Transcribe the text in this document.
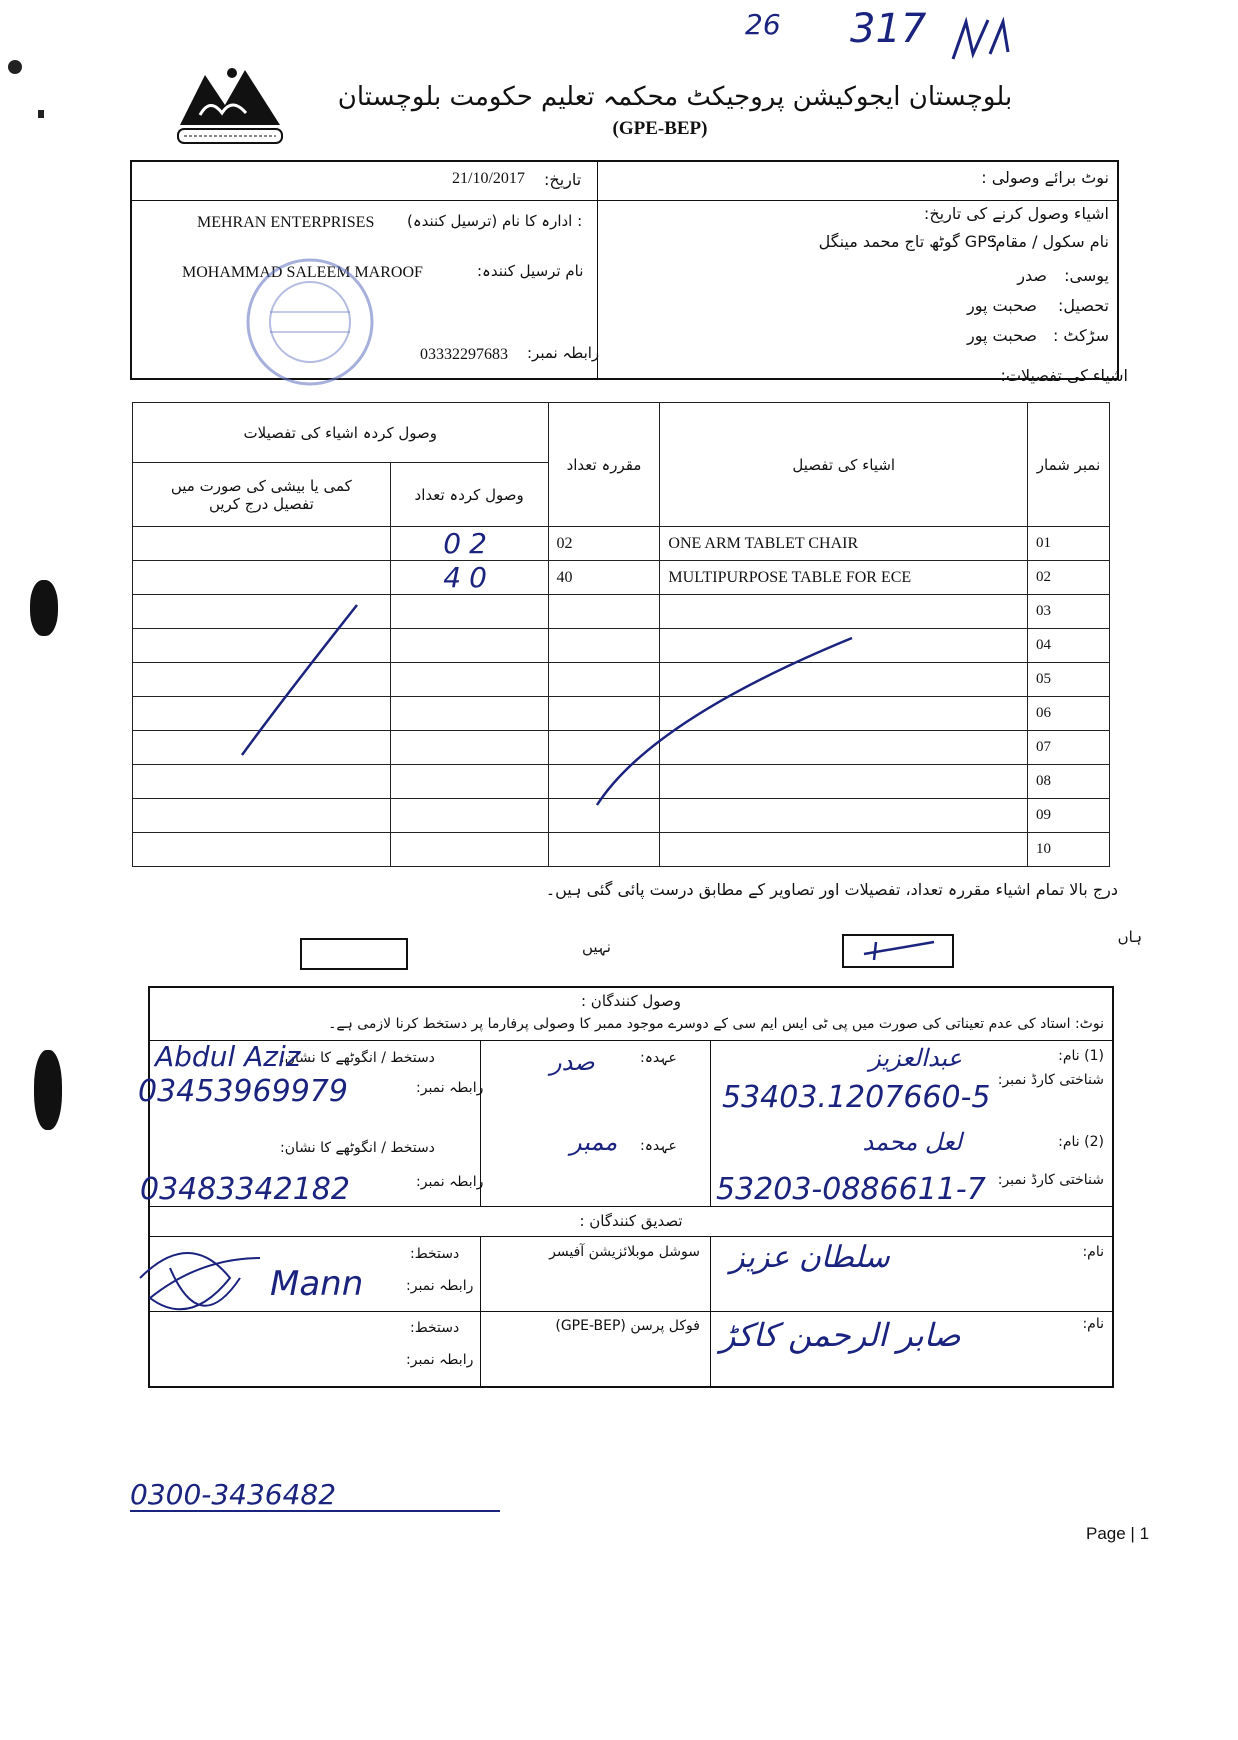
26 317
بلوچستان ایجوکیشن پروجیکٹ محکمہ تعلیم حکومت بلوچستان
(GPE-BEP)
نوٹ برائے وصولی :
اشیاء وصول کرنے کی تاریخ:
نام سکول / مقام:
GPS گوٹھ تاج محمد مینگل
یوسی:
صدر
تحصیل:
صحبت پور
سڑکٹ :
صحبت پور
تاریخ:
21/10/2017
: ادارہ کا نام (ترسیل کنندہ)
MEHRAN ENTERPRISES
نام ترسیل کنندہ:
MOHAMMAD SALEEM MAROOF
رابطہ نمبر:
03332297683
اشیاء کی تفصیلات:
وصول کردہ اشیاء کی تفصیلات		مقررہ تعداد	اشیاء کی تفصیل	نمبر شمار
کمی یا بیشی کی صورت میں تفصیل درج کریں	وصول کردہ تعداد			
	02	02	ONE ARM TABLET CHAIR	01
	40	40	MULTIPURPOSE TABLE FOR ECE	02
				03
				04
				05
				06
				07
				08
				09
				10
درج بالا تمام اشیاء مقررہ تعداد، تفصیلات اور تصاویر کے مطابق درست پائی گئی ہیں۔
ہاں
نہیں
وصول کنندگان :
نوٹ: استاد کی عدم تعیناتی کی صورت میں پی ٹی ایس ایم سی کے دوسرے موجود ممبر کا وصولی پرفارما پر دستخط کرنا لازمی ہے۔
(1) نام:
عبدالعزیز
شناختی کارڈ نمبر:
53403.1207660-5
عہدہ:
صدر
دستخط / انگوٹھے کا نشان:
Abdul Aziz
رابطہ نمبر:
03453969979
(2) نام:
لعل محمد
شناختی کارڈ نمبر:
53203-0886611-7
عہدہ:
ممبر
دستخط / انگوٹھے کا نشان:
رابطہ نمبر:
03483342182
تصدیق کنندگان :
نام:
سلطان عزیز
سوشل موبلائزیشن آفیسر
دستخط:
Mann	رابطہ نمبر:
نام:
صابر الرحمن کاکڑ
فوکل پرسن (GPE-BEP)
دستخط:
رابطہ نمبر:
0300-3436482
Page | 1
